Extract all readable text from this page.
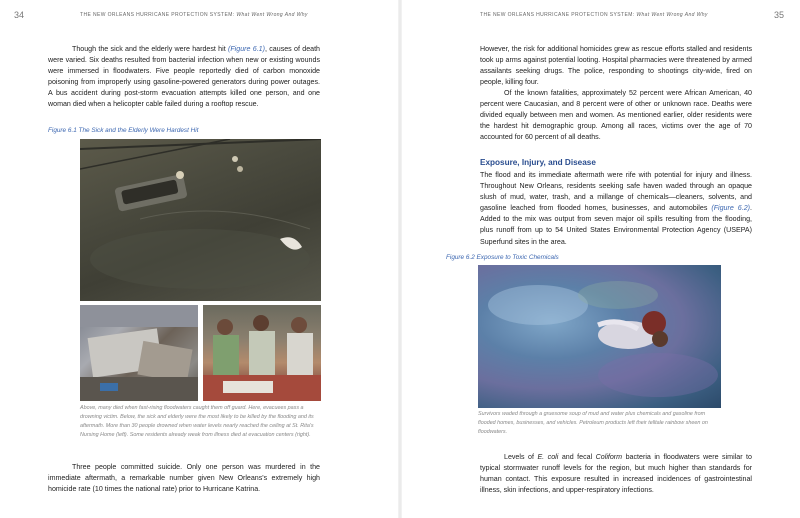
34	THE NEW ORLEANS HURRICANE PROTECTION SYSTEM: What Went Wrong And Why

Though the sick and the elderly were hardest hit (Figure 6.1), causes of death were varied. Six deaths resulted from bacterial infection when new or existing wounds were immersed in floodwaters. Five people reportedly died of carbon monoxide poisoning from improperly using gasoline-powered generators during power outages. A bus accident during post-storm evacuation attempts killed one person, and one woman died when a helicopter cable failed during a rooftop rescue.

Figure 6.1 The Sick and the Elderly Were Hardest Hit
Above, many died when fast-rising floodwaters caught them off guard. Here, evacuees pass a drowning victim. Below, the sick and elderly were the most likely to be killed by the flooding and its aftermath. More than 30 people drowned when water levels nearly reached the ceiling at St. Rita's Nursing Home (left). Some residents already weak from illness died at evacuation centers (right).

Three people committed suicide. Only one person was murdered in the immediate aftermath, a remarkable number given New Orleans's extremely high homicide rate (10 times the national rate) prior to Hurricane Katrina.

35
THE NEW ORLEANS HURRICANE PROTECTION SYSTEM: What Went Wrong And Why

However, the risk for additional homicides grew as rescue efforts stalled and residents took up arms against potential looting. Hospital pharmacies were threatened by armed assailants seeking drugs. The police, responding to shootings city-wide, fired on people, killing four.

Of the known fatalities, approximately 52 percent were African American, 40 percent were Caucasian, and 8 percent were of other or unknown race. Deaths were divided equally between men and women. As mentioned earlier, older residents were the hardest hit demographic group. Among all races, victims over the age of 70 accounted for 60 percent of all deaths.

Exposure, Injury, and Disease

The flood and its immediate aftermath were rife with potential for injury and illness. Throughout New Orleans, residents seeking safe haven waded through an opaque slush of mud, water, trash, and a millange of chemicals—cleaners, solvents, and gasoline leached from flooded homes, businesses, and automobiles (Figure 6.2). Added to the mix was output from seven major oil spills resulting from the flooding, plus runoff from up to 54 United States Environmental Protection Agency (USEPA) Superfund sites in the area.

Figure 6.2 Exposure to Toxic Chemicals
Survivors waded through a gruesome soup of mud and water plus chemicals and gasoline from flooded homes, businesses, and vehicles. Petroleum products left their telltale rainbow sheen on floodwaters.

Levels of E. coli and fecal Coliform bacteria in floodwaters were similar to typical stormwater runoff levels for the region, but much higher than standards for human contact. This exposure resulted in increased incidences of gastrointestinal illness, skin infections, and upper-respiratory infections.
